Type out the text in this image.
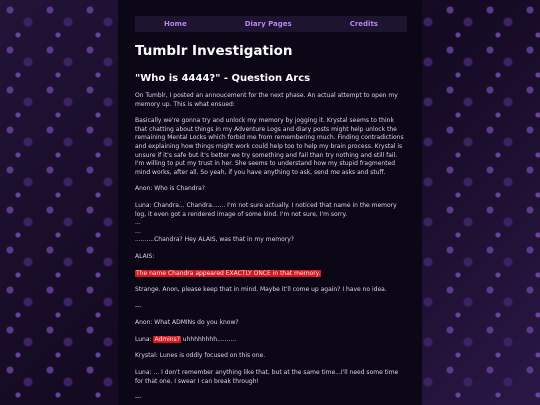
Home	Diary Pages	Credits
Tumblr Investigation
"Who is 4444?" - Question Arcs

On Tumblr, I posted an annoucement for the next phase. An actual attempt to open my memory up. This is what ensued:

Basically we're gonna try and unlock my memory by jogging it. Krystal seems to think that chatting about things in my Adventure Logs and diary posts might help unlock the remaining Mental Locks which forbid me from remembering much. Finding contradictions and explaining how things might work could help too to help my brain process. Krystal is unsure if it's safe but it's better we try something and fail than try nothing and still fail. I'm willing to put my trust in her. She seems to understand how my stupid fragmented mind works, after all. So yeah, if you have anything to ask, send me asks and stuff.

Anon: Who is Chandra?

Luna: Chandra... Chandra....... I'm not sure actually. I noticed that name in the memory log, it even got a rendered image of some kind. I'm not sure, I'm sorry.

...

...

..........Chandra? Hey ALAIS, was that in my memory?

ALAIS:

The name Chandra appeared EXACTLY ONCE in that memory.

Strange. Anon, please keep that in mind. Maybe it'll come up again? I have no idea.

---

Anon: What ADMINs do you know?

Luna: Admins? uhhhhhhhh..........

Krystal: Lunes is oddly focused on this one.

Luna: ... I don't remember anything like that, but at the same time...I'll need some time for that one. I swear I can break through!

---
